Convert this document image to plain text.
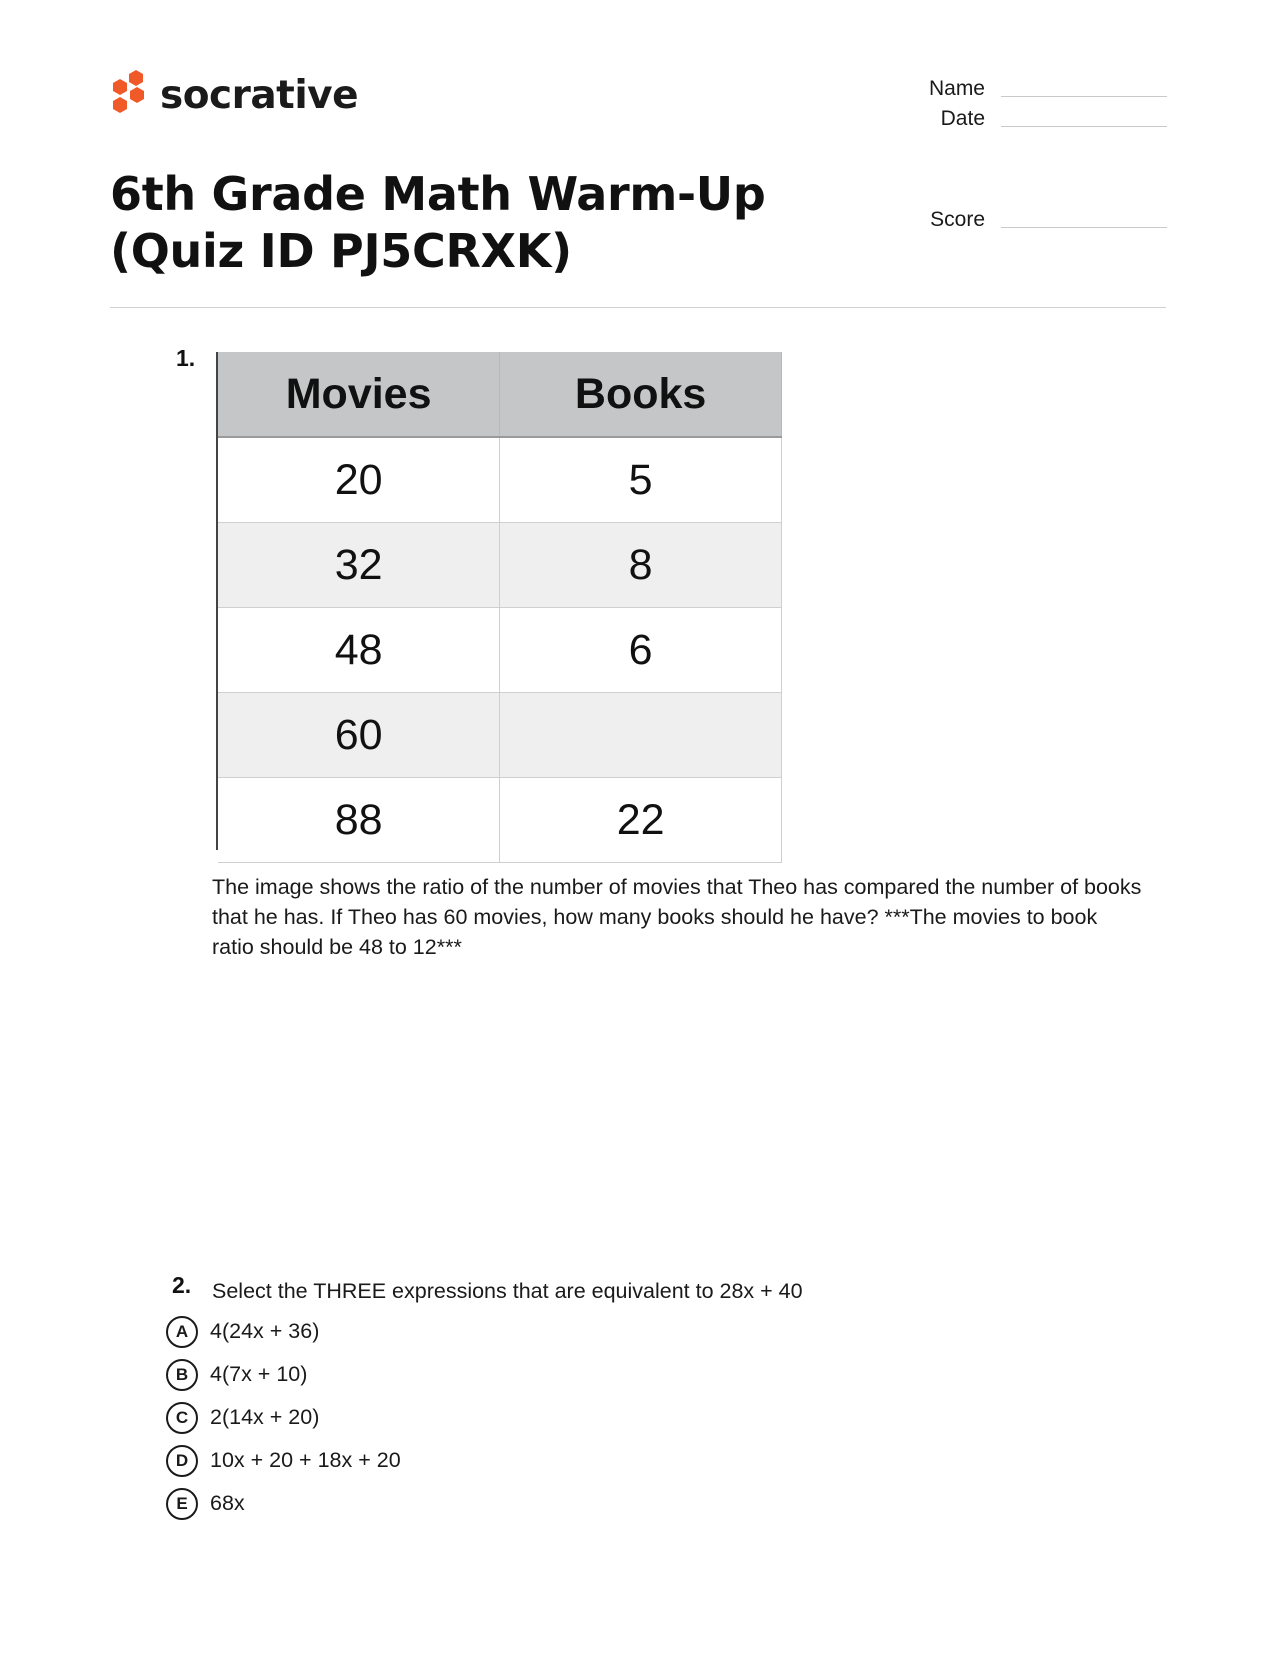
socrative	Name
Date
Score
6th Grade Math Warm-Up (Quiz ID PJ5CRXK)
1.
Movies	Books
20	5
32	8
48	6
60	
88	22
The image shows the ratio of the number of movies that Theo has compared the number of books that he has. If Theo has 60 movies, how many books should he have? ***The movies to book ratio should be 48 to 12***
2. Select the THREE expressions that are equivalent to 28x + 40
A	4(24x + 36)
B	4(7x + 10)
C	2(14x + 20)
D	10x + 20 + 18x + 20
E	68x
